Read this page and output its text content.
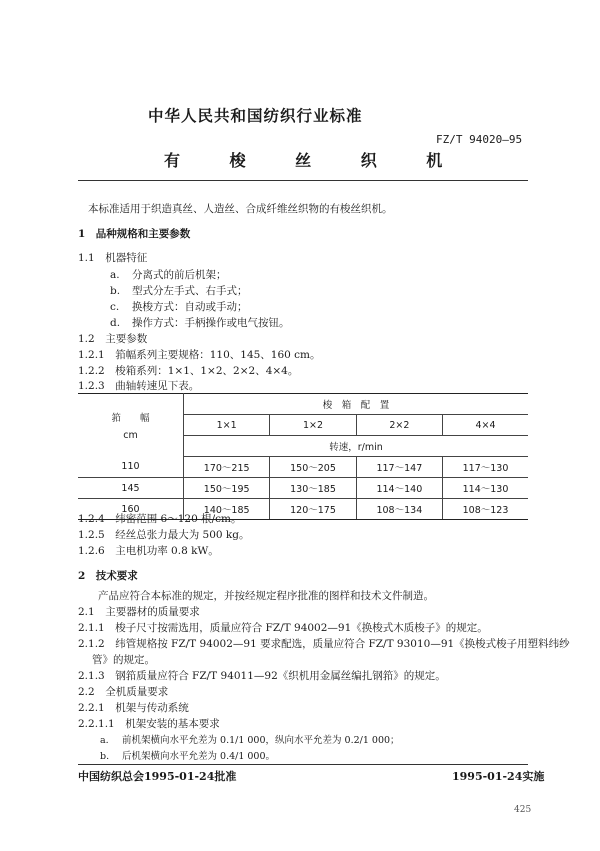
中华人民共和国纺织行业标准
FZ/T 94020—95
有 梭 丝 织 机
本标准适用于织造真丝、人造丝、合成纤维丝织物的有梭丝织机。
1　品种规格和主要参数
1.1　机器特征
a. 分离式的前后机架；
b. 型式分左手式、右手式；
c. 换梭方式：自动或手动；
d. 操作方式：手柄操作或电气按钮。
1.2　主要参数
1.2.1　筘幅系列主要规格：110、145、160 cm。
1.2.2　梭箱系列：1×1、1×2、2×2、4×4。
1.2.3　曲轴转速见下表。
筘　　幅
cm	梭　箱　配　置			
	1×1	1×2	2×2	4×4
	转速，r/min			
110	170～215	150～205	117～147	117～130
145	150～195	130～185	114～140	114～130
160	140～185	120～175	108～134	108～123
1.2.4　纬密范围 6～120 根/cm。
1.2.5　经丝总张力最大为 500 kg。
1.2.6　主电机功率 0.8 kW。
2　技术要求
产品应符合本标准的规定，并按经规定程序批准的图样和技术文件制造。
2.1　主要器材的质量要求
2.1.1　梭子尺寸按需选用，质量应符合 FZ/T 94002—91《换梭式木质梭子》的规定。
2.1.2　纬管规格按 FZ/T 94002—91 要求配选，质量应符合 FZ/T 93010—91《换梭式梭子用塑料纬纱
管》的规定。
2.1.3　钢筘质量应符合 FZ/T 94011—92《织机用金属丝编扎钢筘》的规定。
2.2　全机质量要求
2.2.1　机架与传动系统
2.2.1.1　机架安装的基本要求
a. 前机架横向水平允差为 0.1/1 000，纵向水平允差为 0.2/1 000；
b. 后机架横向水平允差为 0.4/1 000。
中国纺织总会1995-01-24批准	1995-01-24实施
425
